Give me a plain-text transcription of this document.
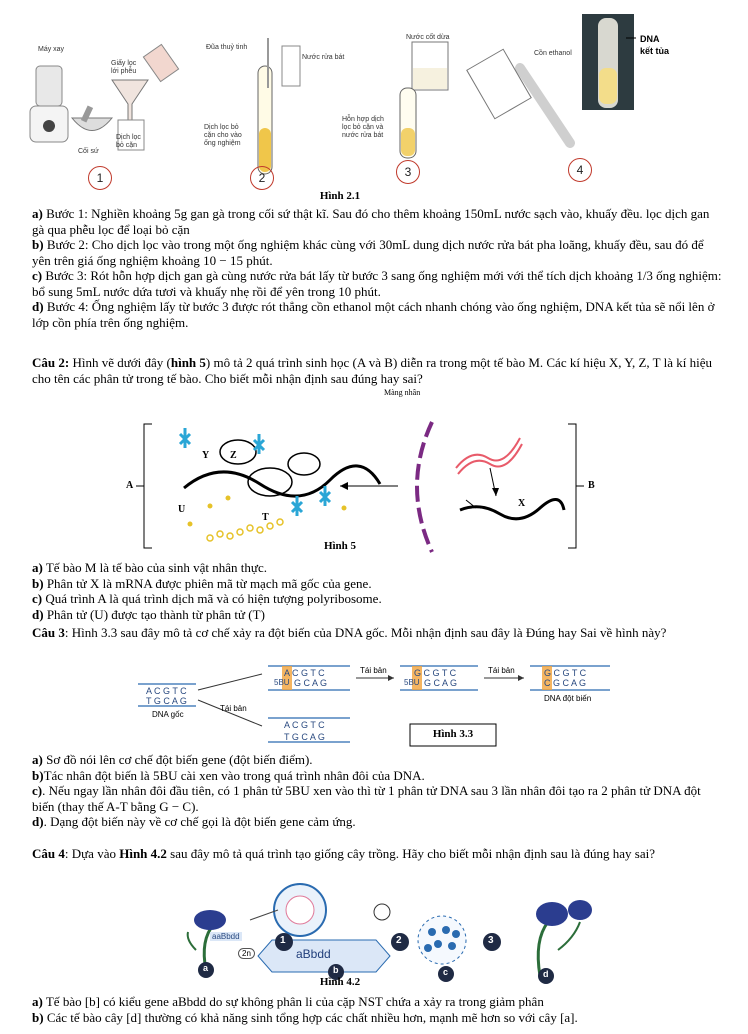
Máy xay
Giấy lọc
lới phễu
Cối sứ
Dịch lọc
bỏ cặn
Đũa thuỷ tinh
Nước rửa bát
Dịch lọc bỏ
cặn cho vào
ống nghiệm
Nước cốt dừa
Hỗn hợp dịch
lọc bỏ cặn và
nước rửa bát
Cồn ethanol
DNA
kết tủa
1	2	3	4
Hình 2.1
a) Bước 1: Nghiền khoảng 5g gan gà trong cối sứ thật kĩ. Sau đó cho thêm khoảng 150mL nước sạch vào, khuấy đều. lọc dịch gan gà qua phễu lọc để loại bỏ cặn
b) Bước 2: Cho dịch lọc vào trong một ống nghiệm khác cùng với 30mL dung dịch nước rửa bát pha loãng, khuấy đều, sau đó để yên trên giá ống nghiệm khoảng 10 − 15 phút.
c) Bước 3: Rót hỗn hợp dịch gan gà cùng nước rửa bát lấy từ bước 3 sang ống nghiệm mới với thể tích dịch khoảng 1/3 ống nghiệm: bổ sung 5mL nước dứa tươi và khuấy nhẹ rồi để yên trong 10 phút.
d) Bước 4: Ống nghiệm lấy từ bước 3 được rót thẳng cồn ethanol một cách nhanh chóng vào ống nghiệm, DNA kết tủa sẽ nổi lên ở lớp cồn phía trên ống nghiệm.
Câu 2: Hình vẽ dưới đây (hình 5) mô tả 2 quá trình sinh học (A và B) diễn ra trong một tế bào M. Các kí hiệu X, Y, Z, T là kí hiệu cho tên các phân tử trong tế bào. Cho biết mỗi nhận định sau đúng hay sai?
Màng nhân
A	B
Y Z
U
T
X
Hình 5
a) Tế bào M là tế bào của sinh vật nhân thực.
b) Phân tử X là mRNA được phiên mã từ mạch mã gốc của gene.
c) Quá trình A là quá trình dịch mã và có hiện tượng polyribosome.
d) Phân tử (U) được tạo thành từ phân tử (T)
Câu 3: Hình 3.3 sau đây mô tả cơ chế xảy ra đột biến của DNA gốc. Mỗi nhận định sau đây là Đúng hay Sai về hình này?
A C G T C
T G C A G
DNA gốc
Tái bản
A C G T C
5BU G C A G
Tái bản	G C G T C
5BU G C A G
Tái bản	G C G T C
C G C A G
DNA đột biến
A C G T C
T G C A G	Hình 3.3
a) Sơ đồ nói lên cơ chế đột biến gene (đột biến điểm).
b)Tác nhân đột biến là 5BU cài xen vào trong quá trình nhân đôi của DNA.
c). Nếu ngay lần nhân đôi đầu tiên, có 1 phân tử 5BU xen vào thì từ 1 phân tử DNA sau 3 lần nhân đôi tạo ra 2 phân tử DNA đột biến (thay thế A-T bằng G − C).
d). Dạng đột biến này về cơ chế gọi là đột biến gene cảm ứng.
Câu 4: Dựa vào Hình 4.2 sau đây mô tả quá trình tạo giống cây trồng. Hãy cho biết mỗi nhận định sau là đúng hay sai?
aaBbdd
2n	aBbdd
1	2	3
a	b	c	d
Hình 4.2
a) Tế bào [b] có kiểu gene aBbdd do sự không phân li của cặp NST chứa a xảy ra trong giảm phân
b) Các tế bào cây [d] thường có khả năng sinh tổng hợp các chất nhiều hơn, mạnh mẽ hơn so với cây [a].
